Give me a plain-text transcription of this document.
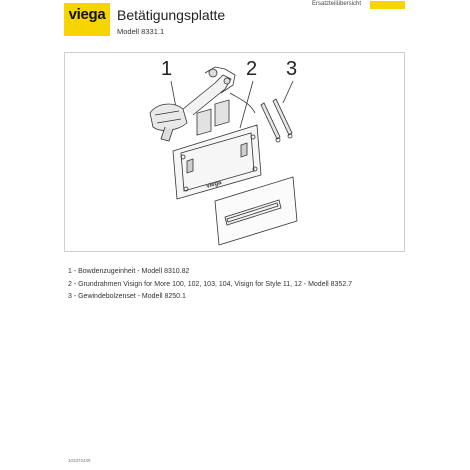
viega Betätigungsplatte
Modell 8331.1
Ersatzteilübersicht
viega
1	2 3
1 - Bowdenzugeinheit - Modell 8310.82
2 - Grundrahmen Visign for More 100, 102, 103, 104, Visign for Style 11, 12 - Modell 8352.7
3 - Gewindebolzenset - Modell 8250.1
103372439
